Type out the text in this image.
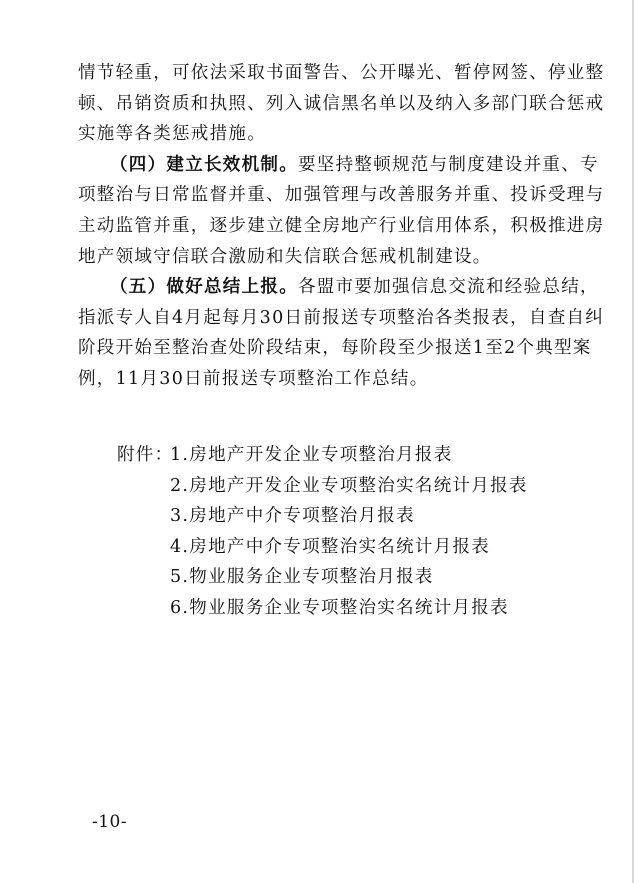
情节轻重，可依法采取书面警告、公开曝光、暂停网签、停业整
顿、吊销资质和执照、列入诚信黑名单以及纳入多部门联合惩戒
实施等各类惩戒措施。
（四）建立长效机制。要坚持整顿规范与制度建设并重、专
项整治与日常监督并重、加强管理与改善服务并重、投诉受理与
主动监管并重，逐步建立健全房地产行业信用体系，积极推进房
地产领域守信联合激励和失信联合惩戒机制建设。
（五）做好总结上报。各盟市要加强信息交流和经验总结，
指派专人自4月起每月30日前报送专项整治各类报表，自查自纠
阶段开始至整治查处阶段结束，每阶段至少报送1至2个典型案
例，11月30日前报送专项整治工作总结。
附件：1.房地产开发企业专项整治月报表
2.房地产开发企业专项整治实名统计月报表
3.房地产中介专项整治月报表
4.房地产中介专项整治实名统计月报表
5.物业服务企业专项整治月报表
6.物业服务企业专项整治实名统计月报表
-10-
